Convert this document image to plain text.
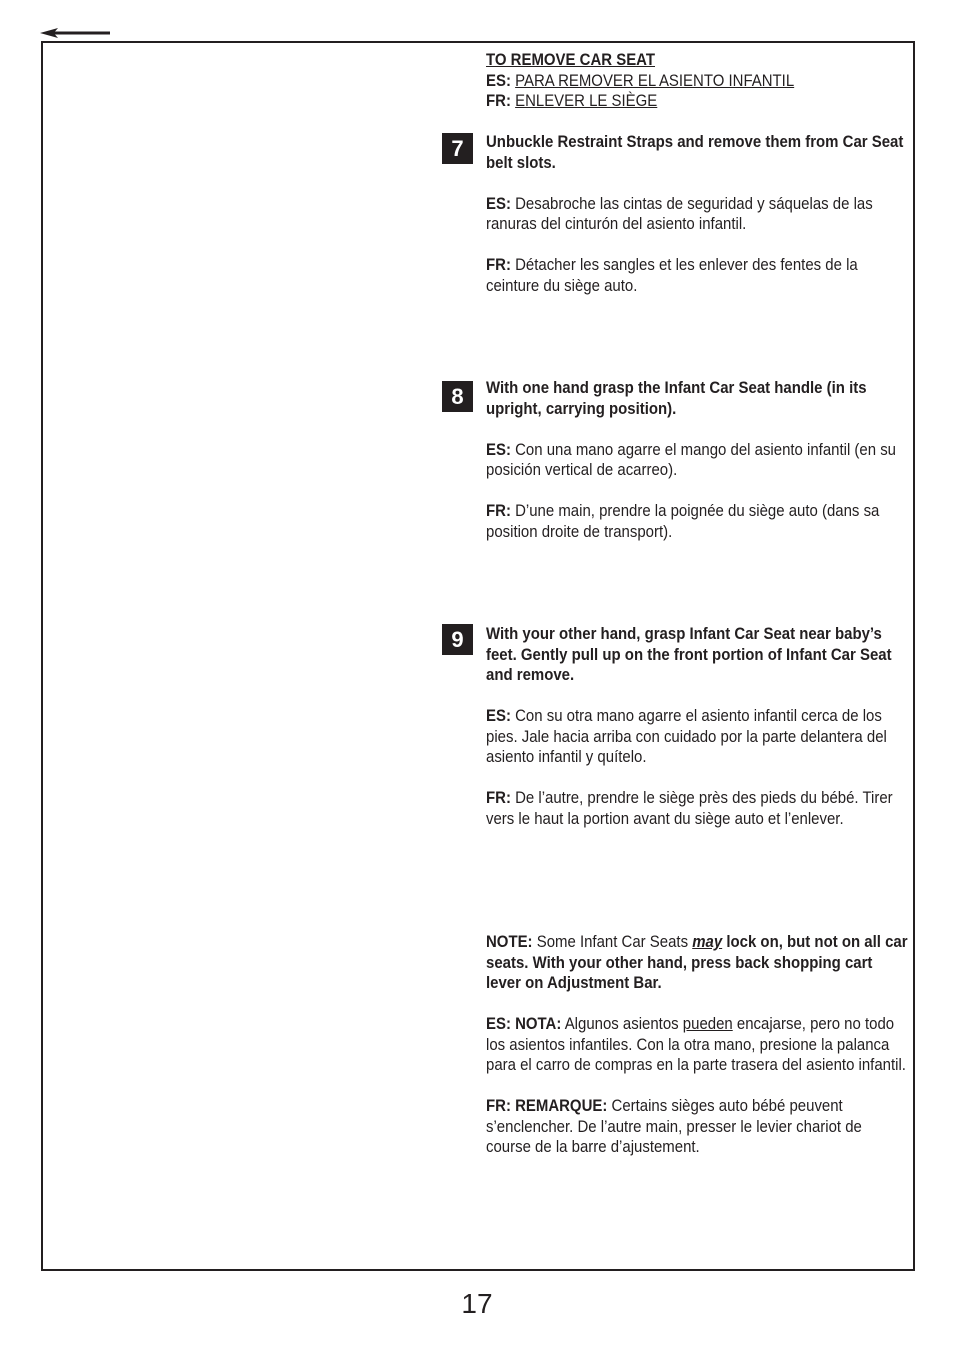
TO REMOVE CAR SEAT

ES: PARA REMOVER EL ASIENTO INFANTIL

FR: ENLEVER LE SIÈGE

7	Unbuckle Restraint Straps and remove them from Car Seat belt slots.

ES: Desabroche las cintas de seguridad y sáquelas de las ranuras del cinturón del asiento infantil.

FR: Détacher les sangles et les enlever des fentes de la ceinture du siège auto.

8	With one hand grasp the Infant Car Seat handle (in its upright, carrying position).

ES: Con una mano agarre el mango del asiento infantil (en su posición vertical de acarreo).

FR: D’une main, prendre la poignée du siège auto (dans sa position droite de transport).

9	With your other hand, grasp Infant Car Seat near baby’s feet. Gently pull up on the front portion of Infant Car Seat and remove.

ES: Con su otra mano agarre el asiento infantil cerca de los pies. Jale hacia arriba con cuidado por la parte delantera del asiento infantil y quítelo.

FR: De l’autre, prendre le siège près des pieds du bébé. Tirer vers le haut la portion avant du siège auto et l’enlever.

NOTE: Some Infant Car Seats may lock on, but not on all car seats. With your other hand, press back shopping cart lever on Adjustment Bar.

ES: NOTA: Algunos asientos pueden encajarse, pero no todo los asientos infantiles. Con la otra mano, presione la palanca para el carro de compras en la parte trasera del asiento infantil.

FR: REMARQUE: Certains sièges auto bébé peuvent s’enclencher. De l’autre main, presser le levier chariot de course de la barre d’ajustement.

17
